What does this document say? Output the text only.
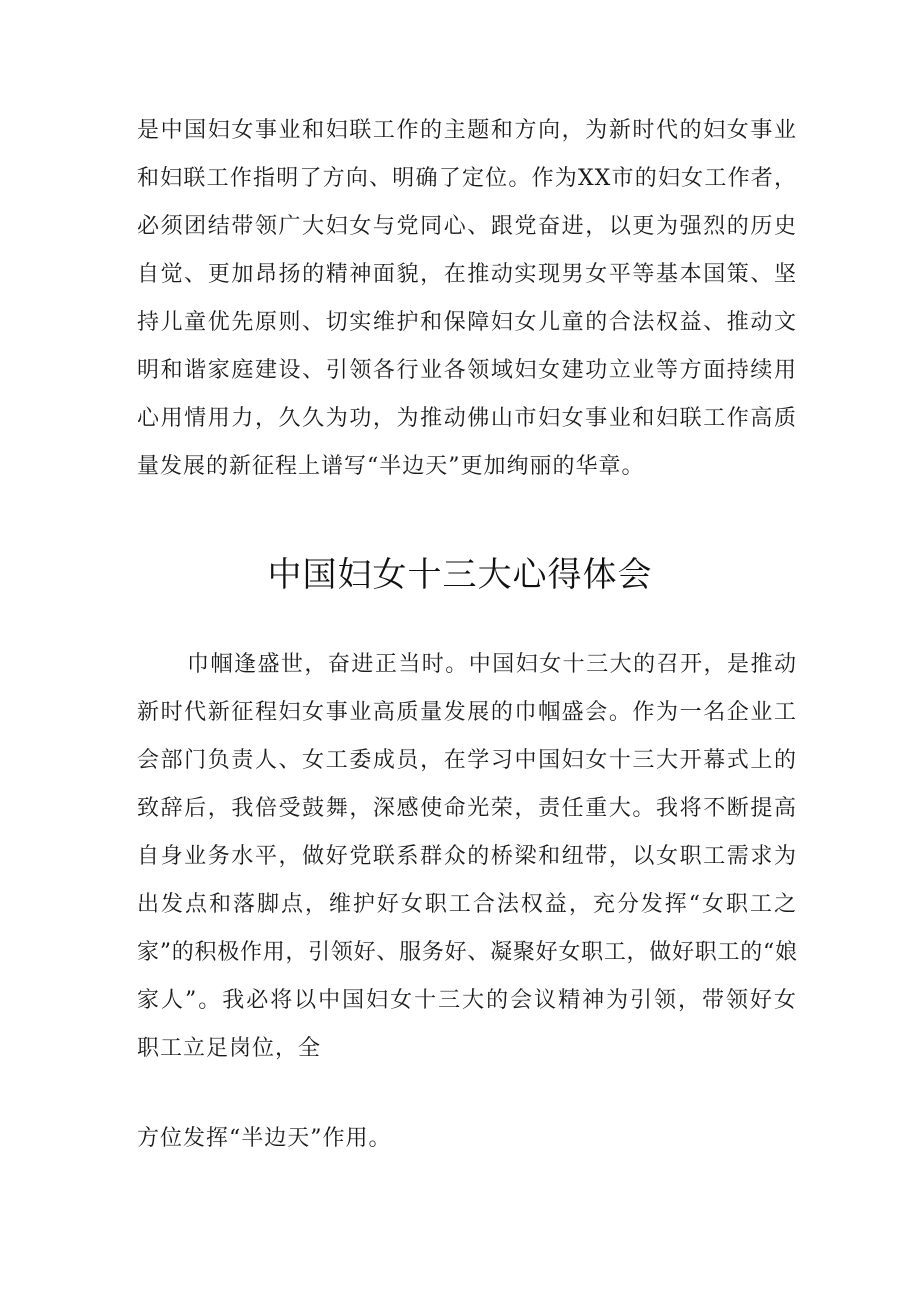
是中国妇女事业和妇联工作的主题和方向，为新时代的妇女事业
和妇联工作指明了方向、明确了定位。作为XX市的妇女工作者，
必须团结带领广大妇女与党同心、跟党奋进，以更为强烈的历史
自觉、更加昂扬的精神面貌，在推动实现男女平等基本国策、坚
持儿童优先原则、切实维护和保障妇女儿童的合法权益、推动文
明和谐家庭建设、引领各行业各领域妇女建功立业等方面持续用
心用情用力，久久为功，为推动佛山市妇女事业和妇联工作高质
量发展的新征程上谱写“半边天”更加绚丽的华章。
中国妇女十三大心得体会
巾帼逢盛世，奋进正当时。中国妇女十三大的召开，是推动
新时代新征程妇女事业高质量发展的巾帼盛会。作为一名企业工
会部门负责人、女工委成员，在学习中国妇女十三大开幕式上的
致辞后，我倍受鼓舞，深感使命光荣，责任重大。我将不断提高
自身业务水平，做好党联系群众的桥梁和纽带，以女职工需求为
出发点和落脚点，维护好女职工合法权益，充分发挥“女职工之
家”的积极作用，引领好、服务好、凝聚好女职工，做好职工的“娘
家人”。我必将以中国妇女十三大的会议精神为引领，带领好女
职工立足岗位，全
方位发挥“半边天”作用。
